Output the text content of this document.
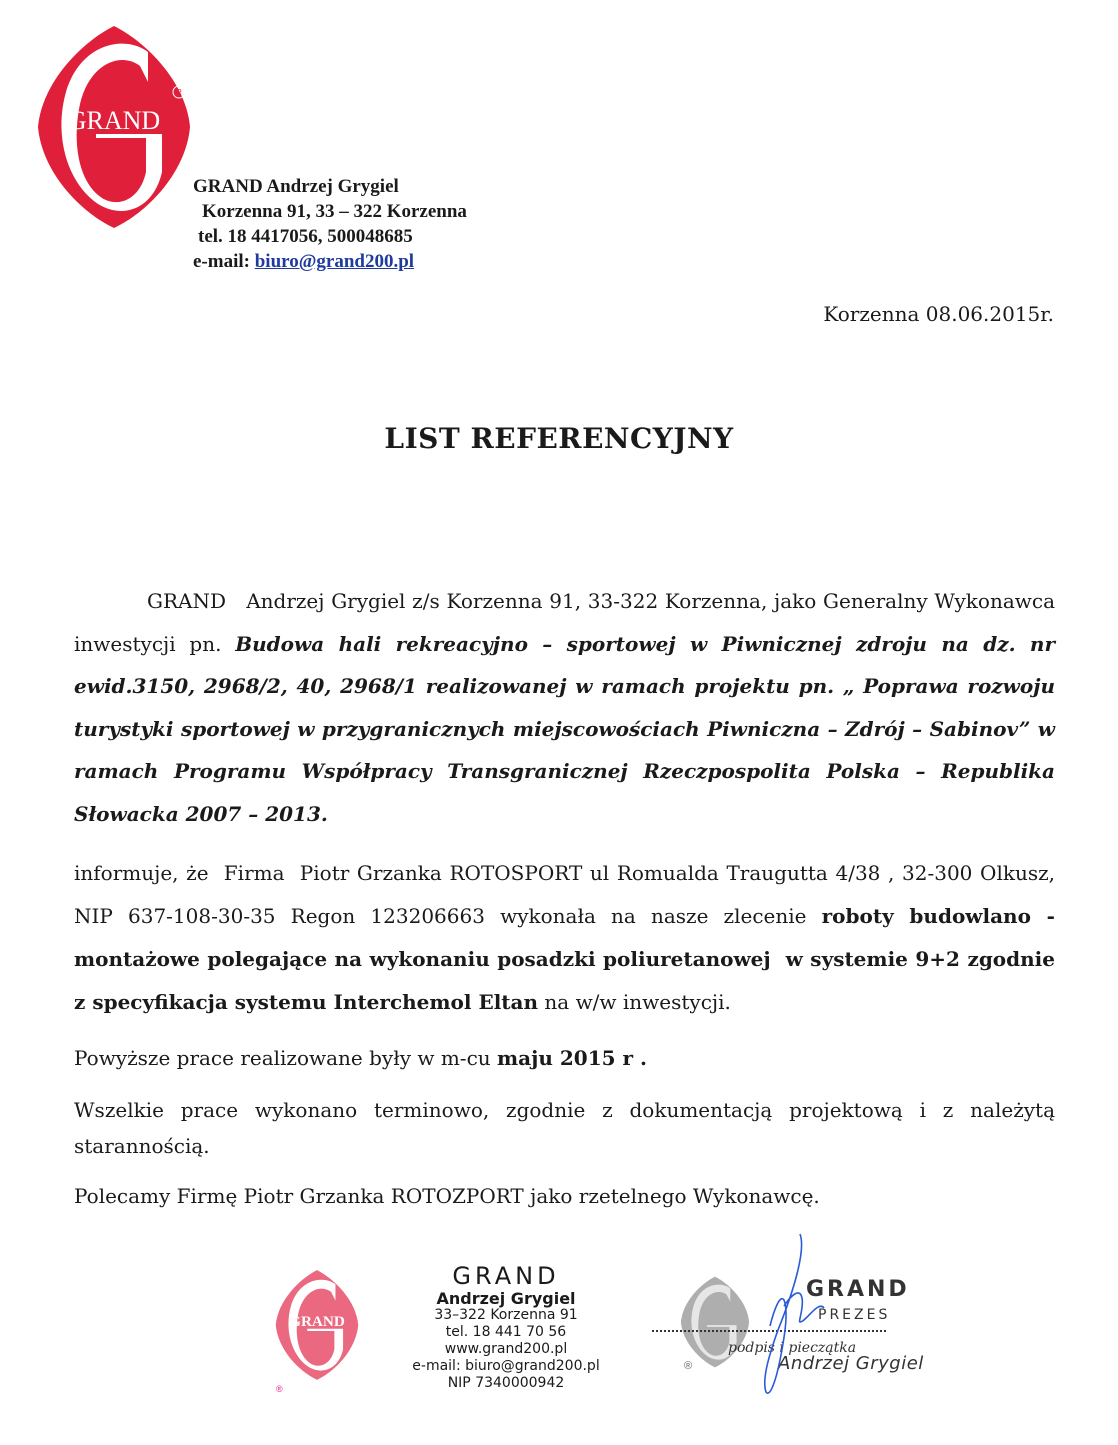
GRAND
R
GRAND Andrzej Grygiel
Korzenna 91, 33 – 322 Korzenna
tel. 18 4417056, 500048685
e-mail: biuro@grand200.pl
Korzenna 08.06.2015r.
LIST REFERENCYJNY
GRAND   Andrzej Grygiel z/s Korzenna 91, 33-322 Korzenna, jako Generalny Wykonawca inwestycji pn. Budowa hali rekreacyjno – sportowej w Piwnicznej zdroju na dz. nr ewid.3150, 2968/2, 40, 2968/1 realizowanej w ramach projektu pn. „ Poprawa rozwoju turystyki sportowej w przygranicznych miejscowościach Piwniczna – Zdrój – Sabinov” w ramach Programu Współpracy Transgranicznej Rzeczpospolita Polska – Republika Słowacka 2007 – 2013.
informuje, że  Firma  Piotr Grzanka ROTOSPORT ul Romualda Traugutta 4/38 , 32-300 Olkusz, NIP 637-108-30-35 Regon 123206663 wykonała na nasze zlecenie roboty budowlano - montażowe polegające na wykonaniu posadzki poliuretanowej  w systemie 9+2 zgodnie z specyfikacja systemu Interchemol Eltan na w/w inwestycji.
Powyższe prace realizowane były w m-cu maju 2015 r .
Wszelkie prace wykonano terminowo, zgodnie z dokumentacją projektową i z należytą starannością.
Polecamy Firmę Piotr Grzanka ROTOZPORT jako rzetelnego Wykonawcę.
GRAND
®
GRAND
Andrzej Grygiel
33–322 Korzenna 91
tel. 18 441 70 56
www.grand200.pl
e-mail: biuro@grand200.pl
NIP 7340000942
GRAND
PREZES
podpis i pieczątka
Andrzej Grygiel
®
